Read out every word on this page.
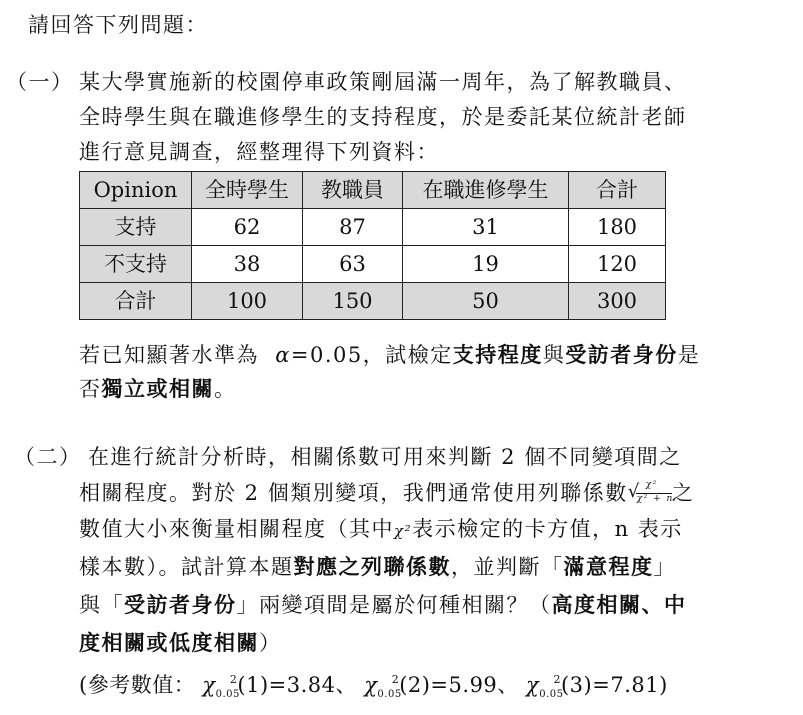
請回答下列問題：
（一） 某大學實施新的校園停車政策剛屆滿一周年，為了解教職員、
全時學生與在職進修學生的支持程度，於是委託某位統計老師
進行意見調查，經整理得下列資料：
Opinion	全時學生	教職員	在職進修學生	合計
支持	62	87	31	180
不支持	38	63	19	120
合計	100	150	50	300
若已知顯著水準為 α=0.05，試檢定支持程度與受訪者身份是
否獨立或相關。
（二） 在進行統計分析時，相關係數可用來判斷 2 個不同變項間之
相關程度。對於 2 個類別變項，我們通常使用列聯係數 √ χ²
χ² + n
之
數值大小來衡量相關程度（其中χ²表示檢定的卡方值，n 表示
樣本數）。試計算本題對應之列聯係數，並判斷「滿意程度」
與「受訪者身份」兩變項間是屬於何種相關？（高度相關、中
度相關或低度相關）
(參考數值： $\chi_{0.05}^2(1)=3.84$、 $\chi_{0.05}^2(2)=5.99$、 $\chi_{0.05}^2(3)=7.81$)
